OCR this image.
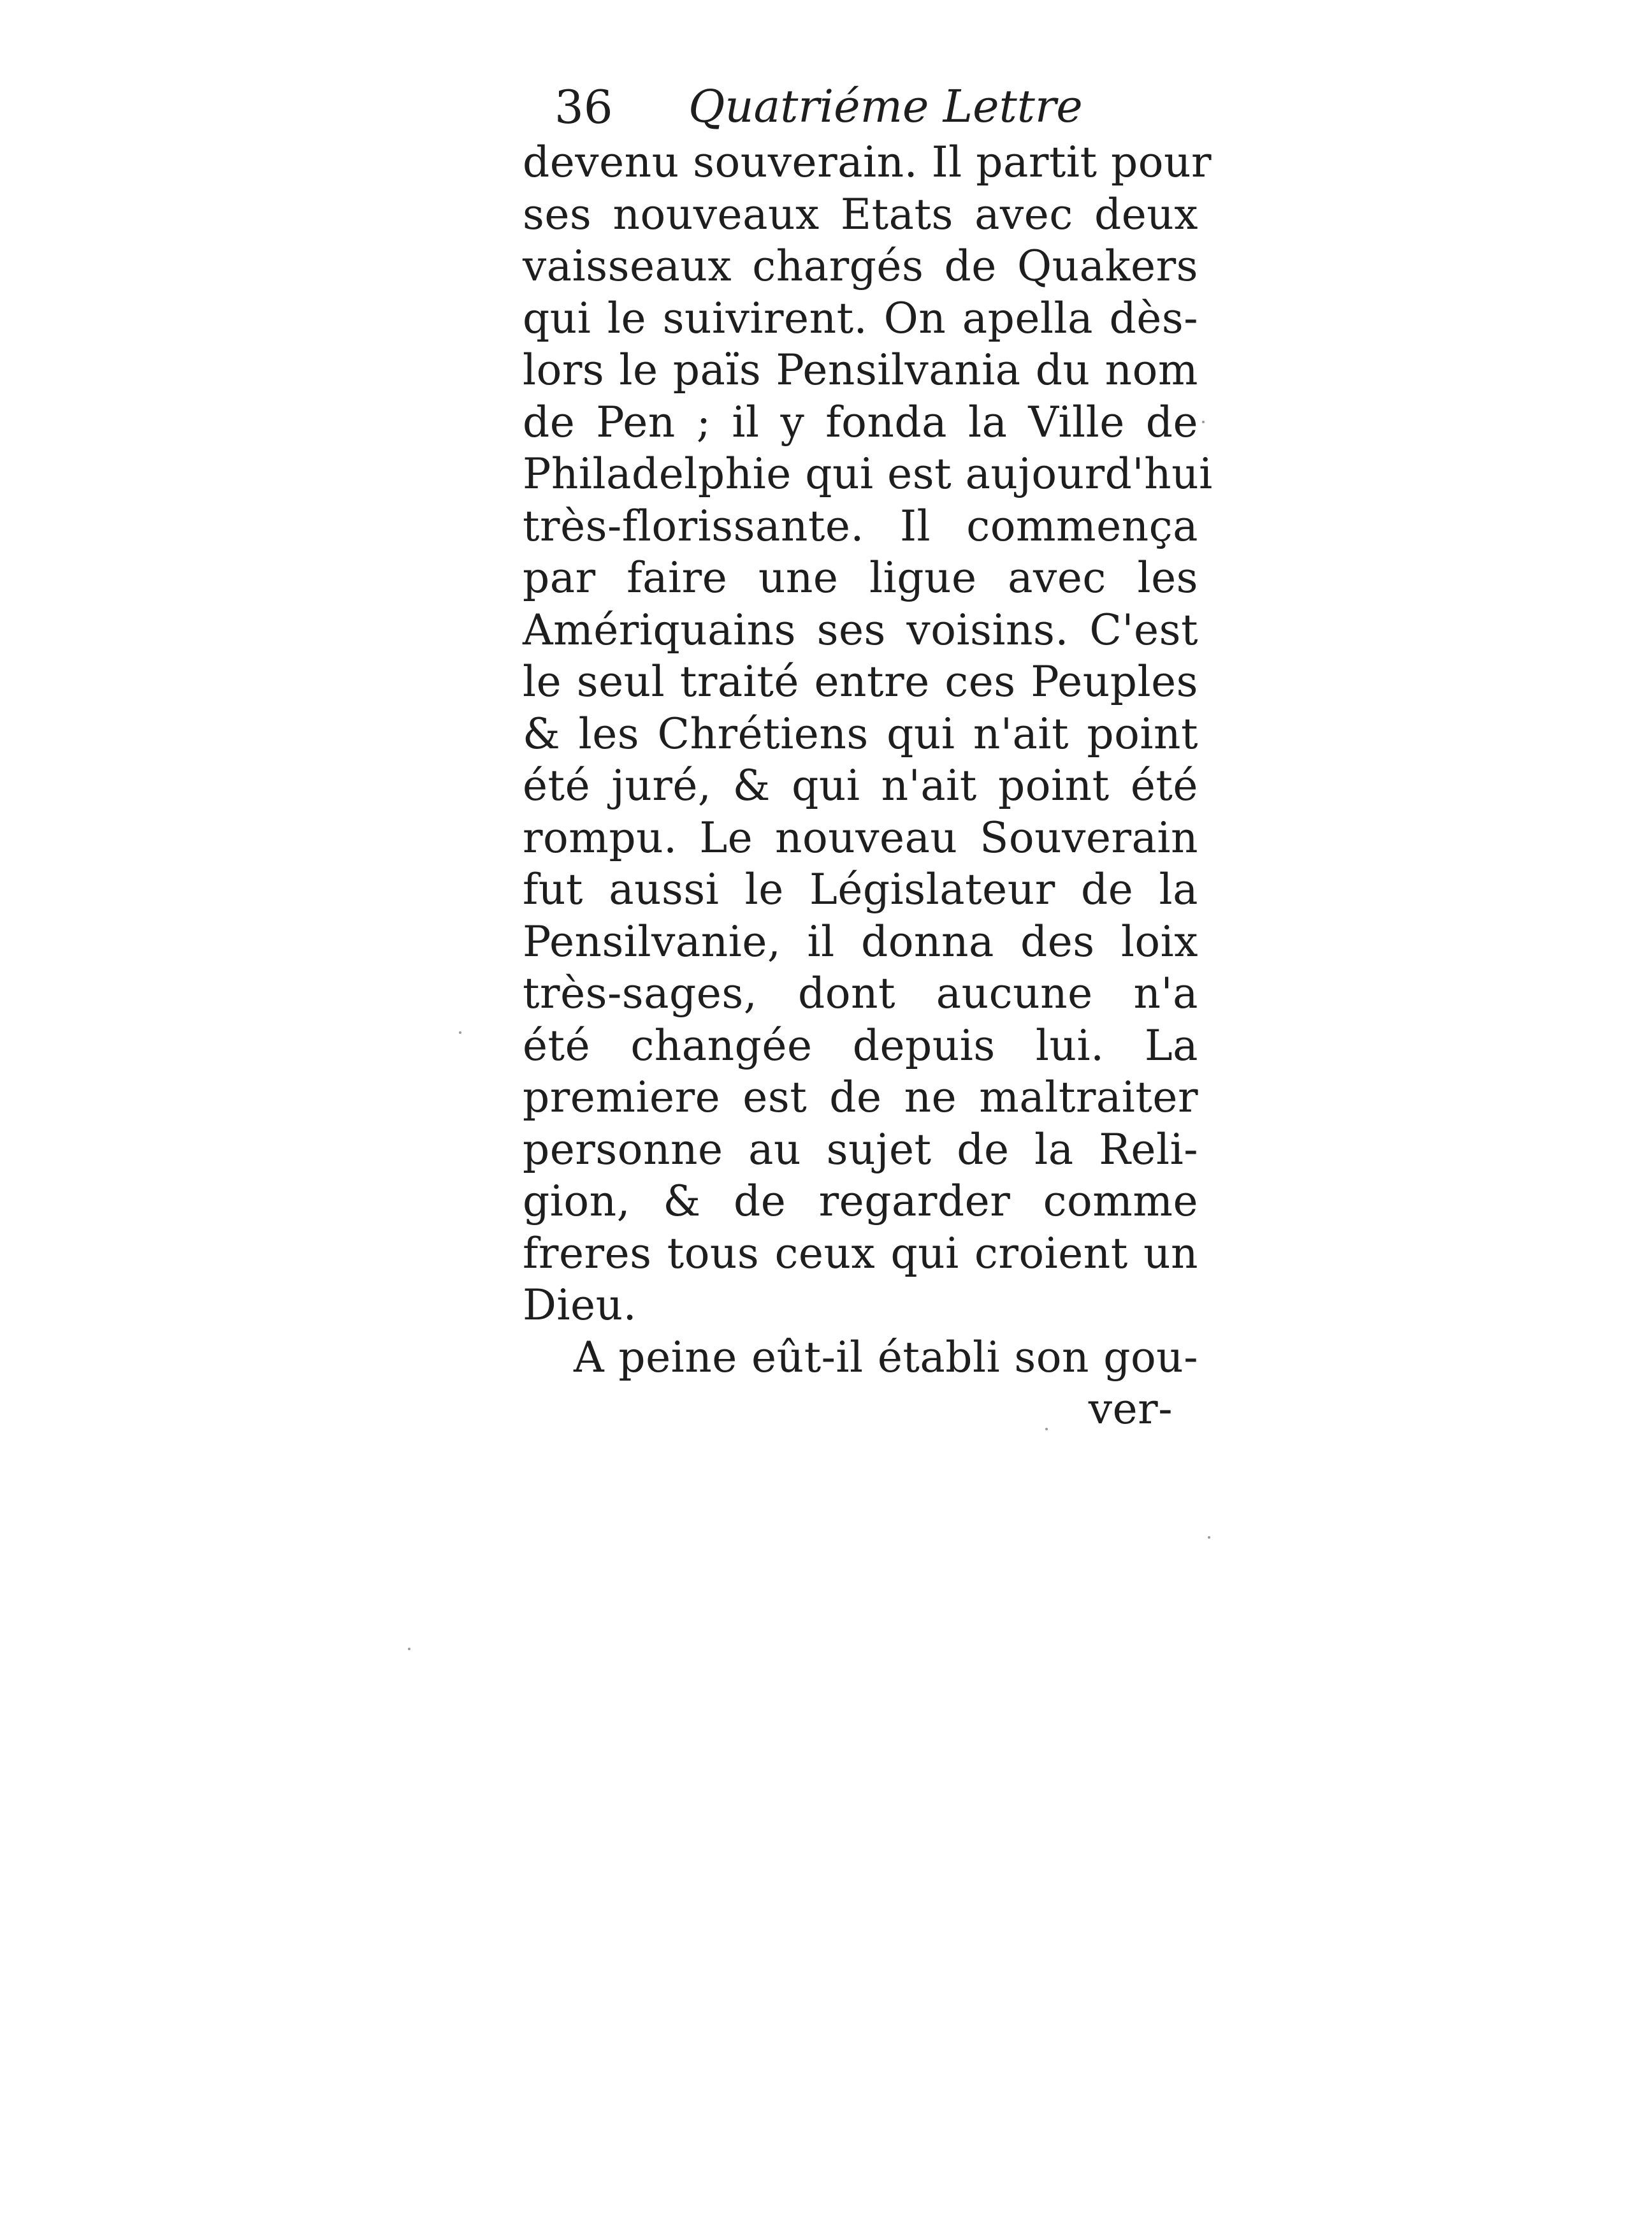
36 Quatriéme Lettre
devenu souverain. Il partit pour
ses nouveaux Etats avec deux
vaisseaux chargés de Quakers
qui le suivirent. On apella dès-
lors le païs Pensilvania du nom
de Pen ; il y fonda la Ville de
Philadelphie qui est aujourd'hui
très-florissante. Il commença
par faire une ligue avec les
Amériquains ses voisins. C'est
le seul traité entre ces Peuples
& les Chrétiens qui n'ait point
été juré, & qui n'ait point été
rompu. Le nouveau Souverain
fut aussi le Législateur de la
Pensilvanie, il donna des loix
très-sages, dont aucune n'a
été changée depuis lui. La
premiere est de ne maltraiter
personne au sujet de la Reli-
gion, & de regarder comme
freres tous ceux qui croient un
Dieu.
A peine eût-il établi son gou-
ver-
